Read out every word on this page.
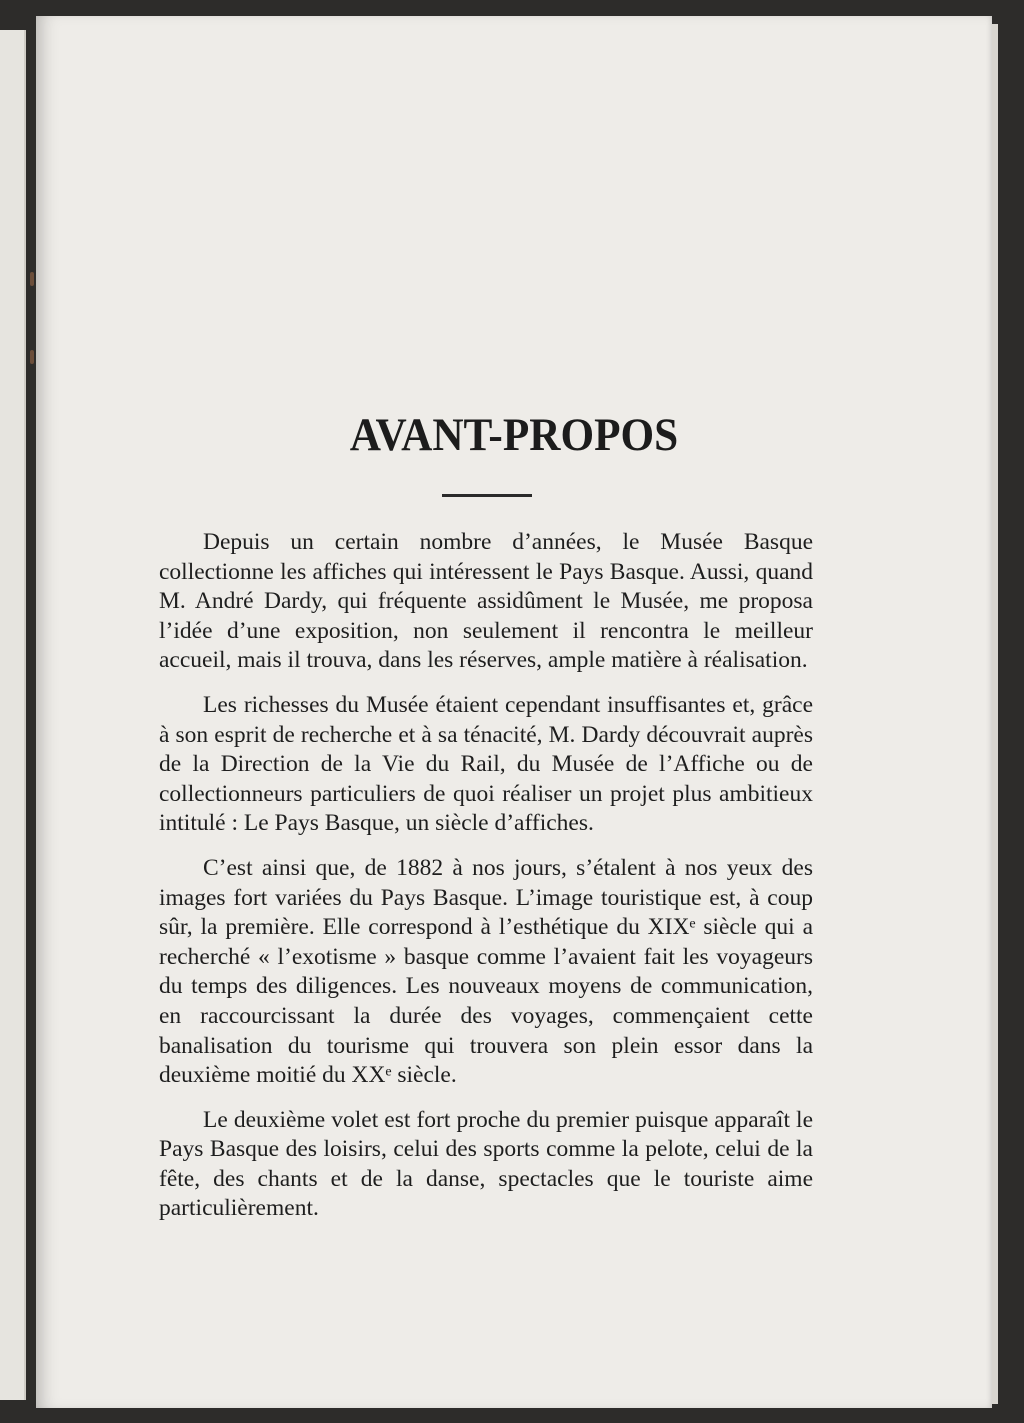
AVANT-PROPOS

Depuis un certain nombre d’années, le Musée Basque collectionne les affiches qui intéressent le Pays Basque. Aussi, quand M. André Dardy, qui fréquente assidûment le Musée, me proposa l’idée d’une exposition, non seulement il rencontra le meilleur accueil, mais il trouva, dans les réserves, ample matière à réalisation.

Les richesses du Musée étaient cependant insuffisantes et, grâce à son esprit de recherche et à sa ténacité, M. Dardy découvrait auprès de la Direction de la Vie du Rail, du Musée de l’Affiche ou de collectionneurs particuliers de quoi réaliser un projet plus ambitieux intitulé : Le Pays Basque, un siècle d’affiches.

C’est ainsi que, de 1882 à nos jours, s’étalent à nos yeux des images fort variées du Pays Basque. L’image touristique est, à coup sûr, la première. Elle correspond à l’esthétique du XIXᵉ siècle qui a recherché « l’exotisme » basque comme l’avaient fait les voyageurs du temps des diligences. Les nouveaux moyens de communication, en raccourcissant la durée des voyages, commençaient cette banalisation du tourisme qui trouvera son plein essor dans la deuxième moitié du XXᵉ siècle.

Le deuxième volet est fort proche du premier puisque apparaît le Pays Basque des loisirs, celui des sports comme la pelote, celui de la fête, des chants et de la danse, spectacles que le touriste aime particulièrement.
